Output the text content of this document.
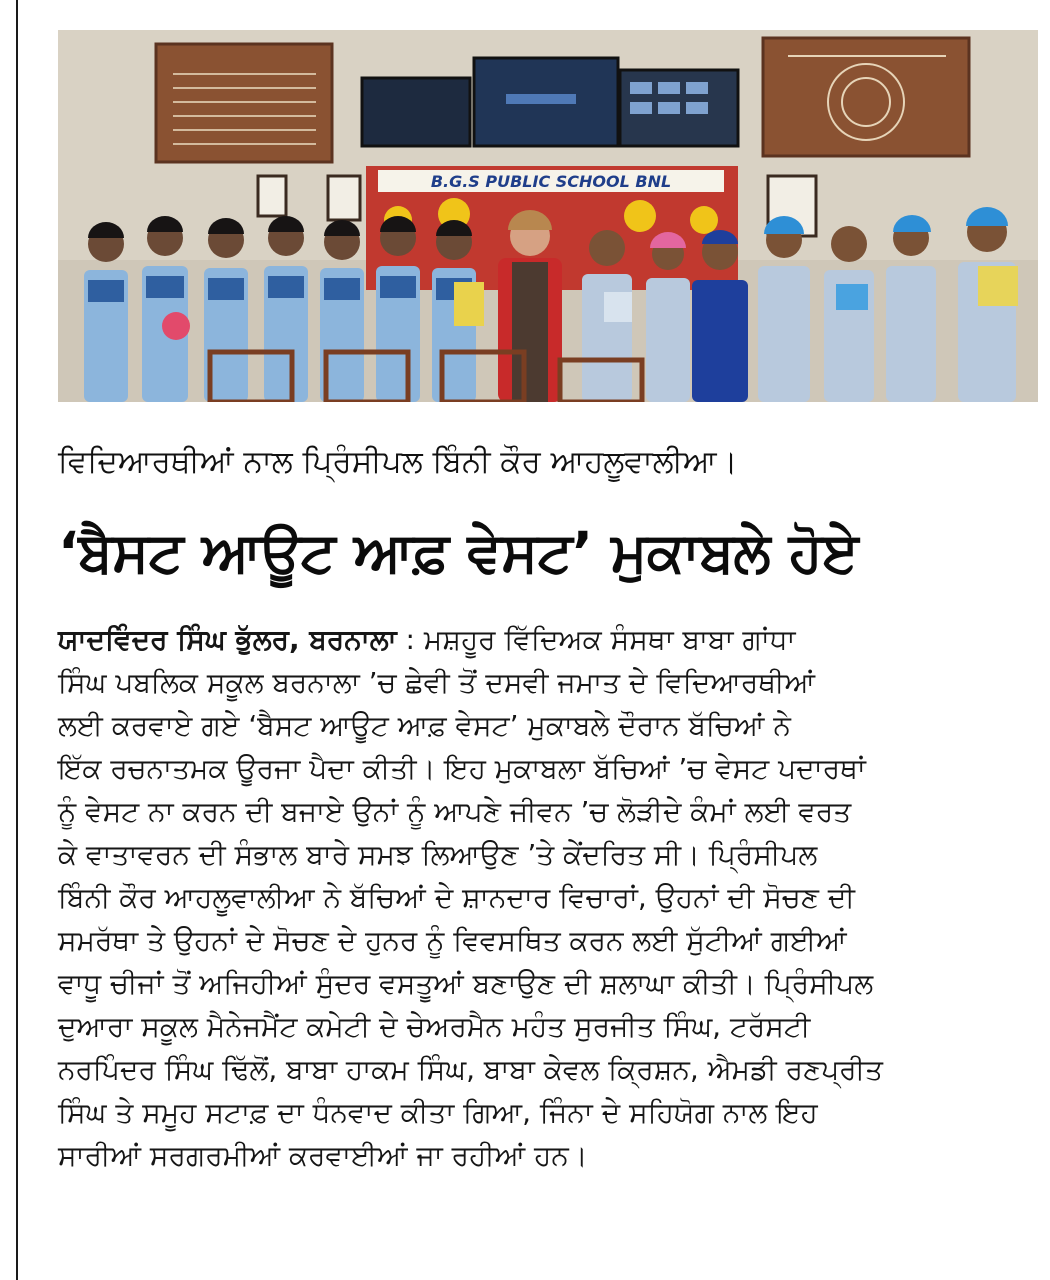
B.G.S PUBLIC SCHOOL BNL
ਵਿਦਿਆਰਥੀਆਂ ਨਾਲ ਪ੍ਰਿੰਸੀਪਲ ਬਿੰਨੀ ਕੌਰ ਆਹਲੂਵਾਲੀਆ।
‘ਬੈਸਟ ਆਊਟ ਆਫ਼ ਵੇਸਟ’ ਮੁਕਾਬਲੇ ਹੋਏ
ਯਾਦਵਿੰਦਰ ਸਿੰਘ ਭੁੱਲਰ, ਬਰਨਾਲਾ : ਮਸ਼ਹੂਰ ਵਿੱਦਿਅਕ ਸੰਸਥਾ ਬਾਬਾ ਗਾਂਧਾ
ਸਿੰਘ ਪਬਲਿਕ ਸਕੂਲ ਬਰਨਾਲਾ ’ਚ ਛੇਵੀ ਤੋਂ ਦਸਵੀ ਜਮਾਤ ਦੇ ਵਿਦਿਆਰਥੀਆਂ
ਲਈ ਕਰਵਾਏ ਗਏ ‘ਬੈਸਟ ਆਊਟ ਆਫ਼ ਵੇਸਟ’ ਮੁਕਾਬਲੇ ਦੌਰਾਨ ਬੱਚਿਆਂ ਨੇ
ਇੱਕ ਰਚਨਾਤਮਕ ਊਰਜਾ ਪੈਦਾ ਕੀਤੀ। ਇਹ ਮੁਕਾਬਲਾ ਬੱਚਿਆਂ ’ਚ ਵੇਸਟ ਪਦਾਰਥਾਂ
ਨੂੰ ਵੇਸਟ ਨਾ ਕਰਨ ਦੀ ਬਜਾਏ ਉਨਾਂ ਨੂੰ ਆਪਣੇ ਜੀਵਨ ’ਚ ਲੋੜੀਦੇ ਕੰਮਾਂ ਲਈ ਵਰਤ
ਕੇ ਵਾਤਾਵਰਨ ਦੀ ਸੰਭਾਲ ਬਾਰੇ ਸਮਝ ਲਿਆਉਣ ’ਤੇ ਕੇਂਦਰਿਤ ਸੀ। ਪ੍ਰਿੰਸੀਪਲ
ਬਿੰਨੀ ਕੌਰ ਆਹਲੂਵਾਲੀਆ ਨੇ ਬੱਚਿਆਂ ਦੇ ਸ਼ਾਨਦਾਰ ਵਿਚਾਰਾਂ, ਉਹਨਾਂ ਦੀ ਸੋਚਣ ਦੀ
ਸਮਰੱਥਾ ਤੇ ਉਹਨਾਂ ਦੇ ਸੋਚਣ ਦੇ ਹੁਨਰ ਨੂੰ ਵਿਵਸਥਿਤ ਕਰਨ ਲਈ ਸੁੱਟੀਆਂ ਗਈਆਂ
ਵਾਧੂ ਚੀਜਾਂ ਤੋਂ ਅਜਿਹੀਆਂ ਸੁੰਦਰ ਵਸਤੂਆਂ ਬਣਾਉਣ ਦੀ ਸ਼ਲਾਘਾ ਕੀਤੀ। ਪ੍ਰਿੰਸੀਪਲ
ਦੁਆਰਾ ਸਕੂਲ ਮੈਨੇਜਮੈਂਟ ਕਮੇਟੀ ਦੇ ਚੇਅਰਮੈਨ ਮਹੰਤ ਸੁਰਜੀਤ ਸਿੰਘ, ਟਰੱਸਟੀ
ਨਰਪਿੰਦਰ ਸਿੰਘ ਢਿੱਲੋਂ, ਬਾਬਾ ਹਾਕਮ ਸਿੰਘ, ਬਾਬਾ ਕੇਵਲ ਕ੍ਰਿਸ਼ਨ, ਐਮਡੀ ਰਣਪ੍ਰੀਤ
ਸਿੰਘ ਤੇ ਸਮੂਹ ਸਟਾਫ਼ ਦਾ ਧੰਨਵਾਦ ਕੀਤਾ ਗਿਆ, ਜਿੰਨਾ ਦੇ ਸਹਿਯੋਗ ਨਾਲ ਇਹ
ਸਾਰੀਆਂ ਸਰਗਰਮੀਆਂ ਕਰਵਾਈਆਂ ਜਾ ਰਹੀਆਂ ਹਨ।
